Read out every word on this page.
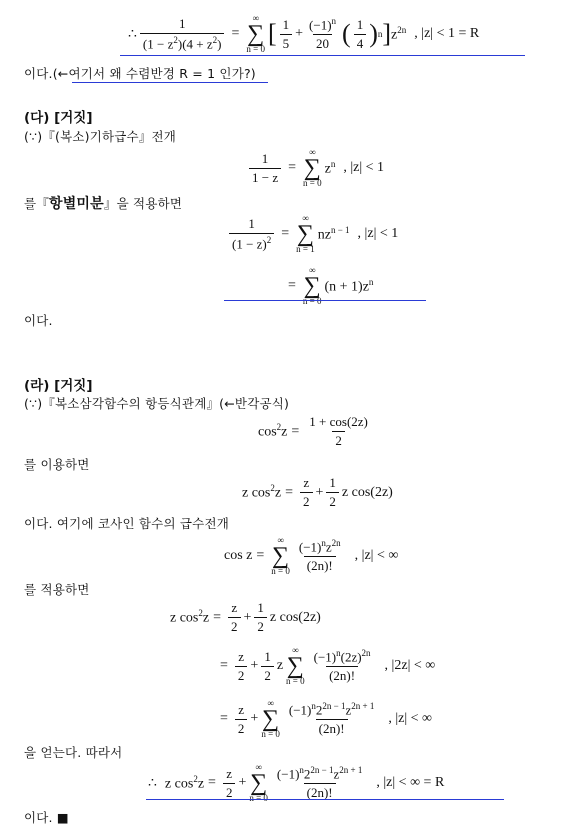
∴ $\frac{1}{(1 - z^2)(4 + z^2)}$ =
∞
∑
n = 0
[ $\frac{1}{5} + \frac{(-1)^n}{20}$ ( $\frac{1}{4}$ ) n ] $z^{2n}$ , |z| < 1 = R
이다.(←여기서 왜 수렴반경 R = 1 인가?)
(다) [거짓]
(∵)『(복소)기하급수』전개
$\frac{1}{1 - z}$ =
∞
∑
n = 0
$z^n$ , |z| < 1
를『항별미분』을 적용하면
$\frac{1}{(1 - z)^2}$ =
∞
∑
n = 1
$nz^{n - 1}$ , |z| < 1
=
∞
∑
n = 0
$(n + 1)z^n$
이다.
(라) [거짓]
(∵)『복소삼각함수의 항등식관계』(←반각공식)
$\cos^2z = \frac{1 + \cos(2z)}{2}$
를 이용하면
z $\cos^2z = \frac{z}{2} + \frac{1}{2}$ z cos(2z)
이다. 여기에 코사인 함수의 급수전개
cos z =
∞
∑
$n = 0 \frac{(-1)^nz^{2n}}{(2n)!}$ , |z| < ∞
를 적용하면
z $\cos^2z = \frac{z}{2} + \frac{1}{2}$ z cos(2z)
= $\frac{z}{2} + \frac{1}{2}$ z
∞
∑
$n = 0 \frac{(-1)^n(2z)^{2n}}{(2n)!}$ , |2z| < ∞
= $\frac{z}{2}$ +
∞
∑
$n = 0 \frac{(-1)^n2^{2n - 1}z^{2n + 1}}{(2n)!}$ , |z| < ∞
을 얻는다. 따라서
∴ z $\cos^2z = \frac{z}{2}$ +
∞
∑
$n = 0 \frac{(-1)^n2^{2n - 1}z^{2n + 1}}{(2n)!}$ , |z| < ∞ = R
이다. ■
